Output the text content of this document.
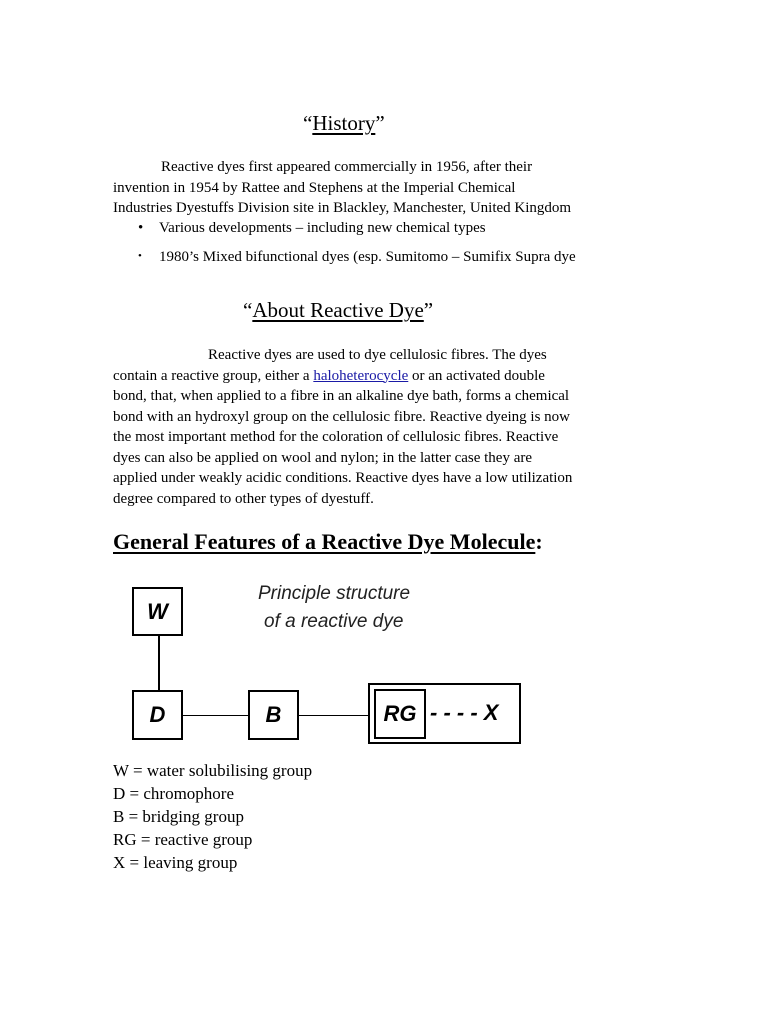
“History”
Reactive dyes first appeared commercially in 1956, after their
invention in 1954 by Rattee and Stephens at the Imperial Chemical
Industries Dyestuffs Division site in Blackley, Manchester, United Kingdom
• Various developments – including new chemical types
• 1980’s Mixed bifunctional dyes (esp. Sumitomo – Sumifix Supra dye
“About Reactive Dye”
Reactive dyes are used to dye cellulosic fibres. The dyes
contain a reactive group, either a haloheterocycle or an activated double
bond, that, when applied to a fibre in an alkaline dye bath, forms a chemical
bond with an hydroxyl group on the cellulosic fibre. Reactive dyeing is now
the most important method for the coloration of cellulosic fibres. Reactive
dyes can also be applied on wool and nylon; in the latter case they are
applied under weakly acidic conditions. Reactive dyes have a low utilization
degree compared to other types of dyestuff.
General Features of a Reactive Dye Molecule:
W
D	B	RG - - - - X
Principle structure
of a reactive dye
W = water solubilising group
D = chromophore
B = bridging group
RG = reactive group
X = leaving group
